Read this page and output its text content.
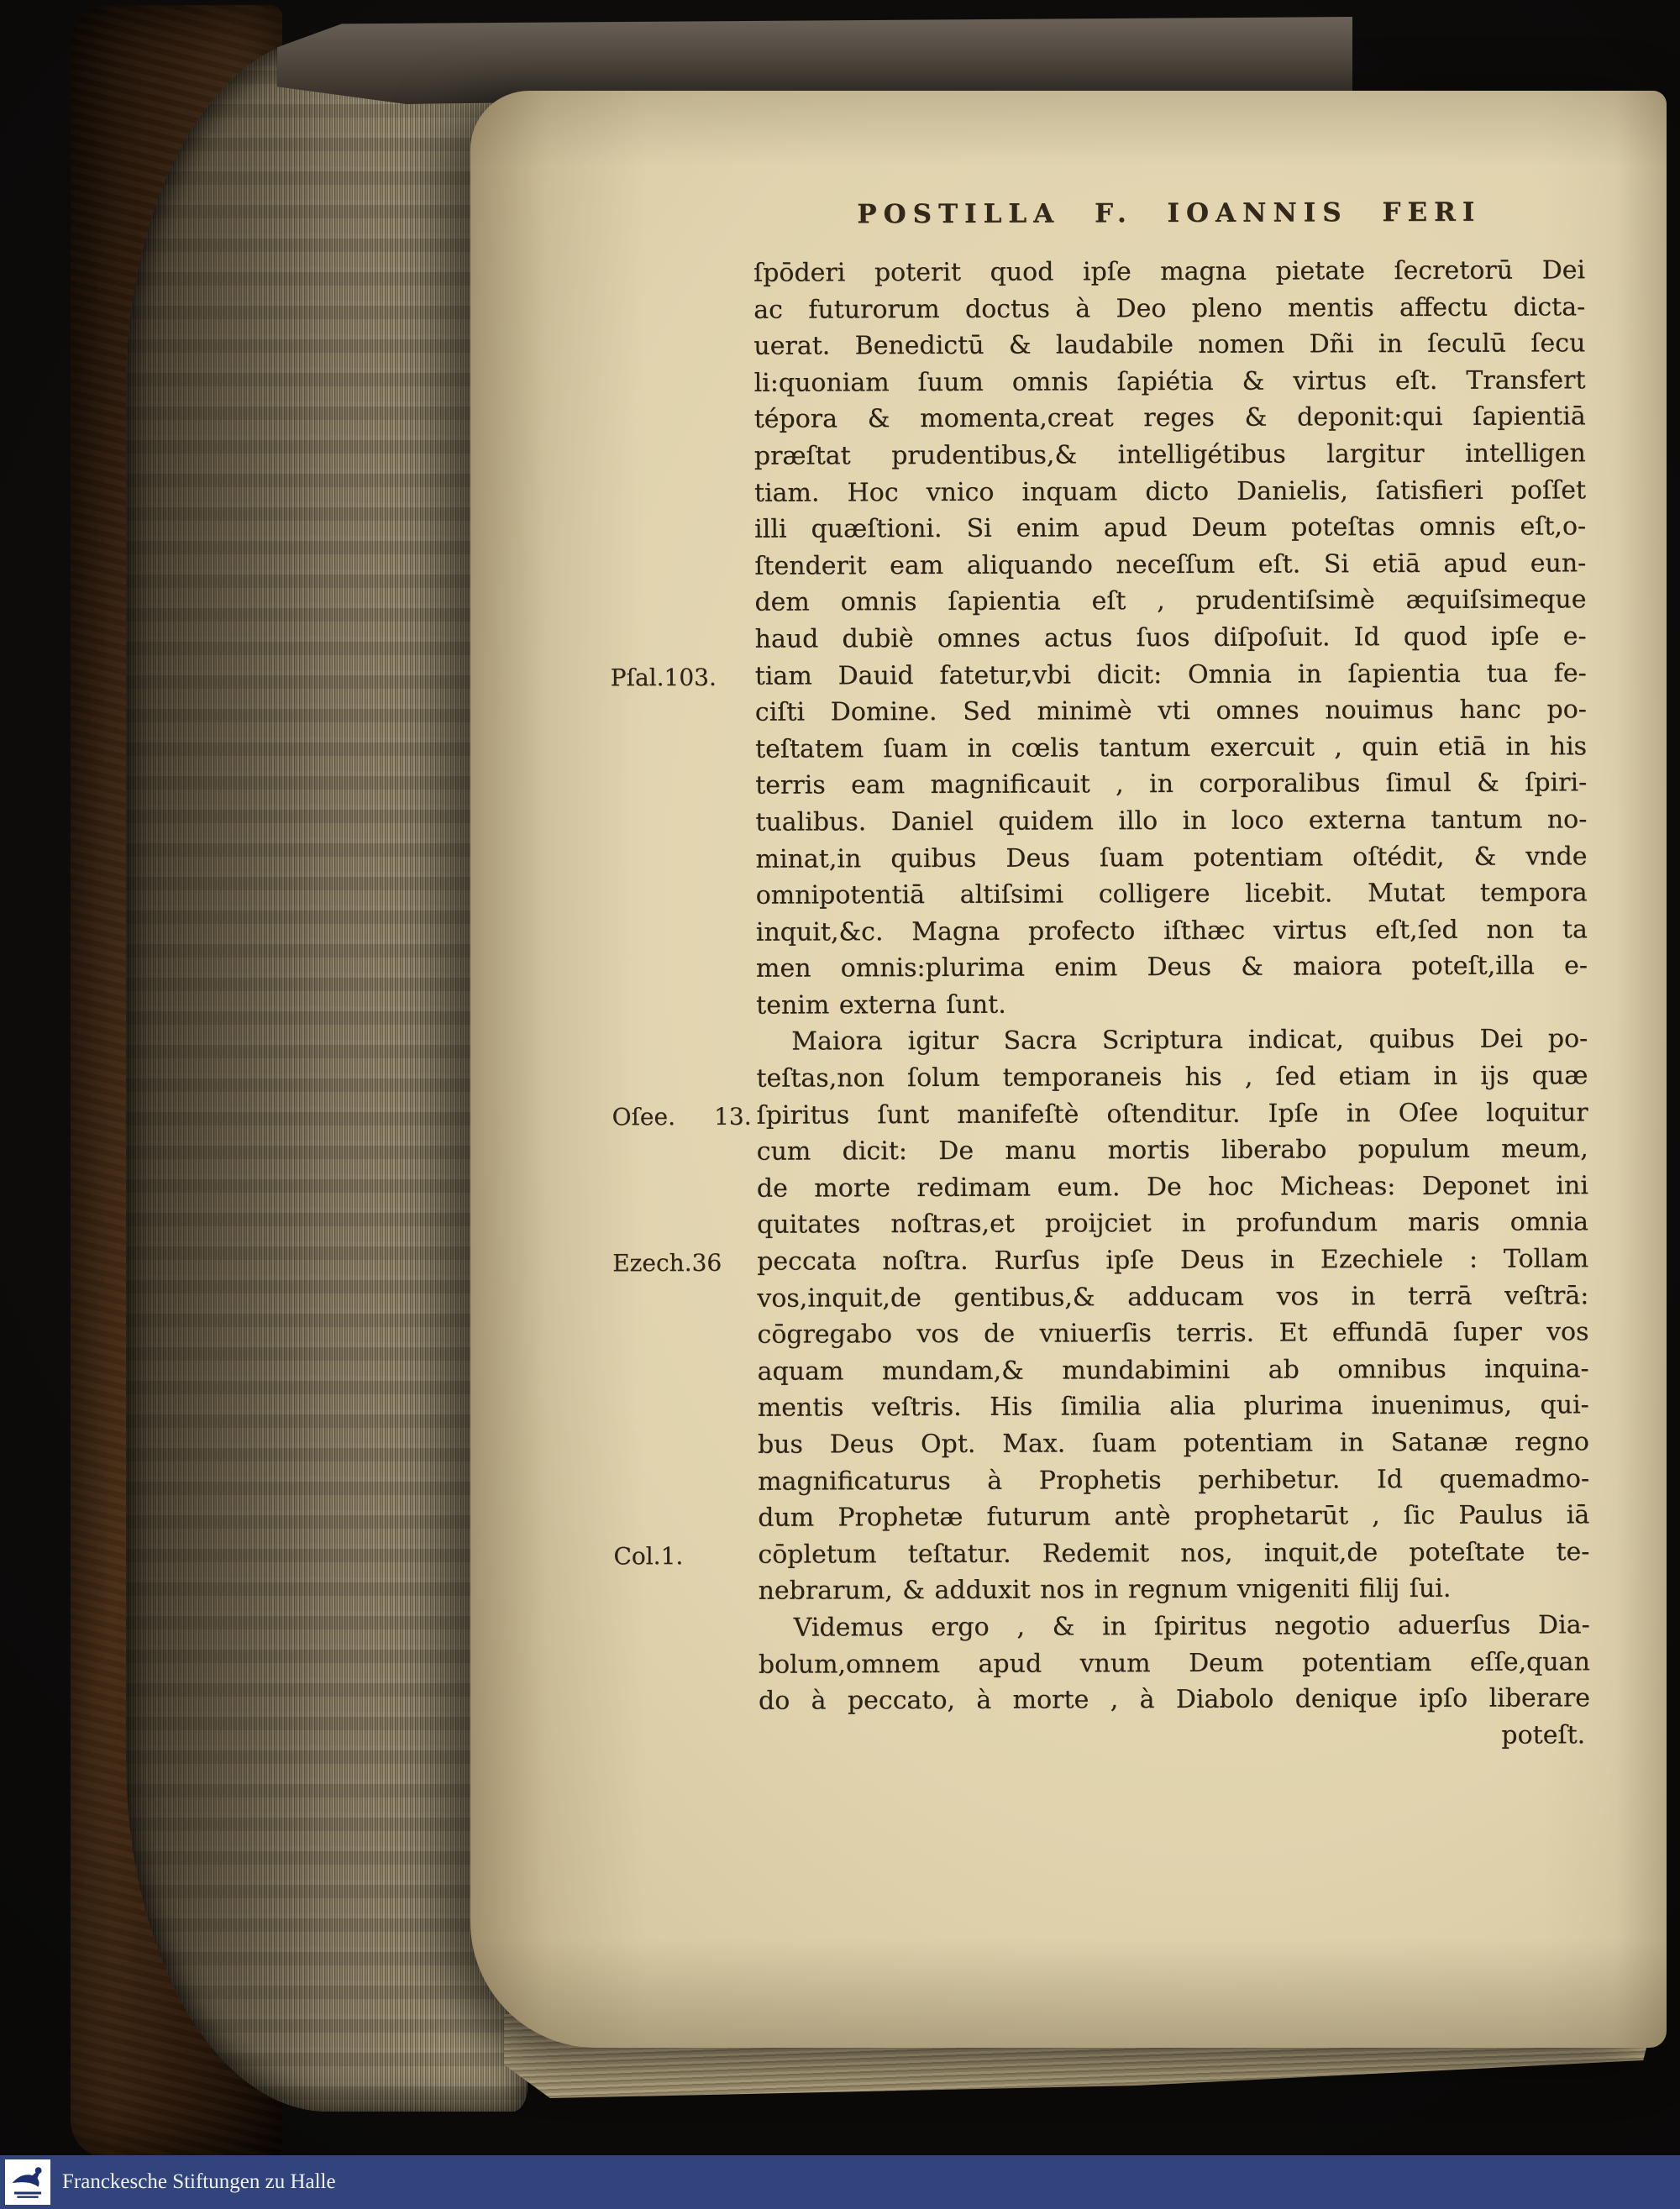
POSTILLA F. IOANNIS FERI
ſpōderi poterit quod ipſe magna pietate ſecretorū Dei
ac futurorum doctus à Deo pleno mentis affectu dicta-
uerat. Benedictū & laudabile nomen Dñi in ſeculū ſecu
li:quoniam ſuum omnis ſapiétia & virtus eſt. Transfert
tépora & momenta,creat reges & deponit:qui ſapientiā
præſtat prudentibus,& intelligétibus largitur intelligen
tiam. Hoc vnico inquam dicto Danielis, ſatisfieri poſſet
illi quæſtioni. Si enim apud Deum poteſtas omnis eſt,o-
ſtenderit eam aliquando neceſſum eſt. Si etiā apud eun-
dem omnis ſapientia eſt , prudentiſsimè æquiſsimeque
haud dubiè omnes actus ſuos diſpoſuit. Id quod ipſe e-
Pſal.103.	tiam Dauid fatetur,vbi dicit: Omnia in ſapientia tua fe-
ciſti Domine. Sed minimè vti omnes nouimus hanc po-
teſtatem ſuam in cœlis tantum exercuit , quin etiā in his
terris eam magnificauit , in corporalibus ſimul & ſpiri-
tualibus. Daniel quidem illo in loco externa tantum no-
minat,in quibus Deus ſuam potentiam oſtédit, & vnde
omnipotentiā altiſsimi colligere licebit. Mutat tempora
inquit,&c. Magna profecto iſthæc virtus eſt,ſed non ta
men omnis:plurima enim Deus & maiora poteſt,illa e-
tenim externa ſunt.
Maiora igitur Sacra Scriptura indicat, quibus Dei po-
teſtas,non ſolum temporaneis his , ſed etiam in ijs quæ
Oſee. 13. ſpiritus ſunt manifeſtè oſtenditur. Ipſe in Oſee loquitur
cum dicit: De manu mortis liberabo populum meum,
de morte redimam eum. De hoc Micheas: Deponet ini
quitates noſtras,et proijciet in profundum maris omnia
Ezech.36	peccata noſtra. Rurſus ipſe Deus in Ezechiele : Tollam
vos,inquit,de gentibus,& adducam vos in terrā veſtrā:
cōgregabo vos de vniuerſis terris. Et effundā ſuper vos
aquam mundam,& mundabimini ab omnibus inquina-
mentis veſtris. His ſimilia alia plurima inuenimus, qui-
bus Deus Opt. Max. ſuam potentiam in Satanæ regno
magnificaturus à Prophetis perhibetur. Id quemadmo-
dum Prophetæ futurum antè prophetarūt , ſic Paulus iā
Col.1.	cōpletum teſtatur. Redemit nos, inquit,de poteſtate te-
nebrarum, & adduxit nos in regnum vnigeniti filij ſui.
Videmus ergo , & in ſpiritus negotio aduerſus Dia-
bolum,omnem apud vnum Deum potentiam eſſe,quan
do à peccato, à morte , à Diabolo denique ipſo liberare
poteſt.
Franckesche Stiftungen zu Halle
